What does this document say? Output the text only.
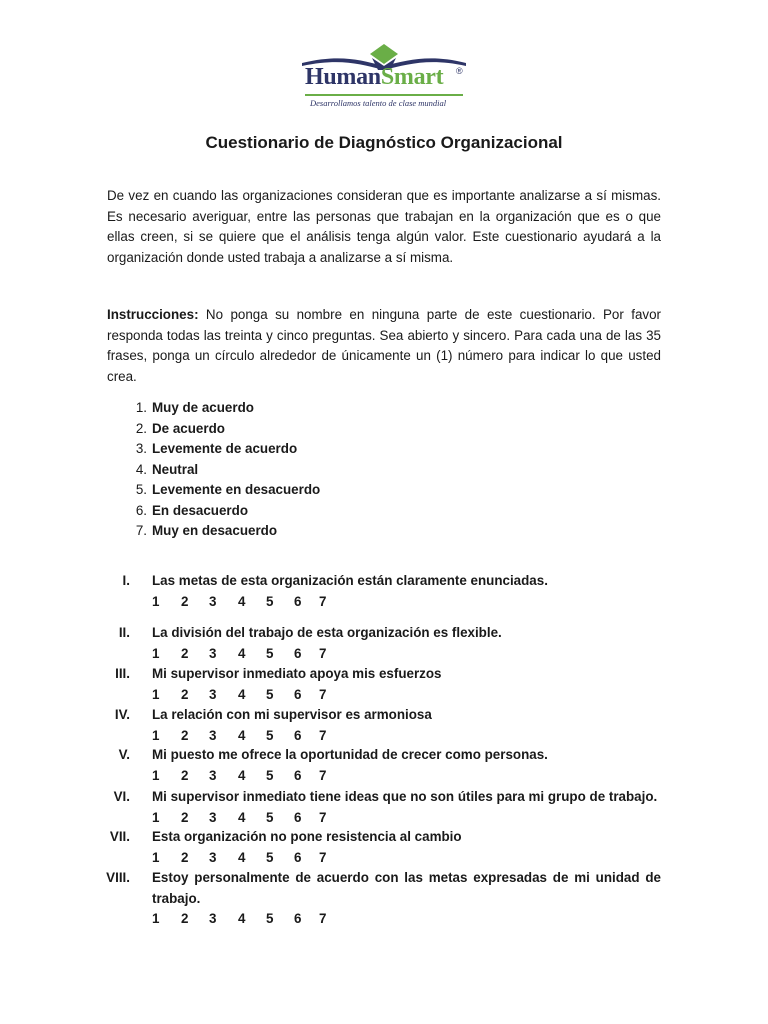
HumanSmart ®
Desarrollamos talento de clase mundial
Cuestionario de Diagnóstico Organizacional
De vez en cuando las organizaciones consideran que es importante analizarse a sí mismas. Es necesario averiguar, entre las personas que trabajan en la organización que es o que ellas creen, si se quiere que el análisis tenga algún valor. Este cuestionario ayudará a la organización donde usted trabaja a analizarse a sí misma.
Instrucciones: No ponga su nombre en ninguna parte de este cuestionario. Por favor responda todas las treinta y cinco preguntas. Sea abierto y sincero. Para cada una de las 35 frases, ponga un círculo alrededor de únicamente un (1) número para indicar lo que usted crea.
1. Muy de acuerdo
2. De acuerdo
3. Levemente de acuerdo
4. Neutral
5. Levemente en desacuerdo
6. En desacuerdo
7. Muy en desacuerdo
I. Las metas de esta organización están claramente enunciadas.
1 2 3 4 5 6 7
II. La división del trabajo de esta organización es flexible.
1 2 3 4 5 6 7
III. Mi supervisor inmediato apoya mis esfuerzos
1 2 3 4 5 6 7
IV. La relación con mi supervisor es armoniosa
1 2 3 4 5 6 7
V. Mi puesto me ofrece la oportunidad de crecer como personas.
1 2 3 4 5 6 7
VI. Mi supervisor inmediato tiene ideas que no son útiles para mi grupo de trabajo.
1 2 3 4 5 6 7
VII. Esta organización no pone resistencia al cambio
1 2 3 4 5 6 7
VIII. Estoy personalmente de acuerdo con las metas expresadas de mi unidad de trabajo.
1 2 3 4 5 6 7
